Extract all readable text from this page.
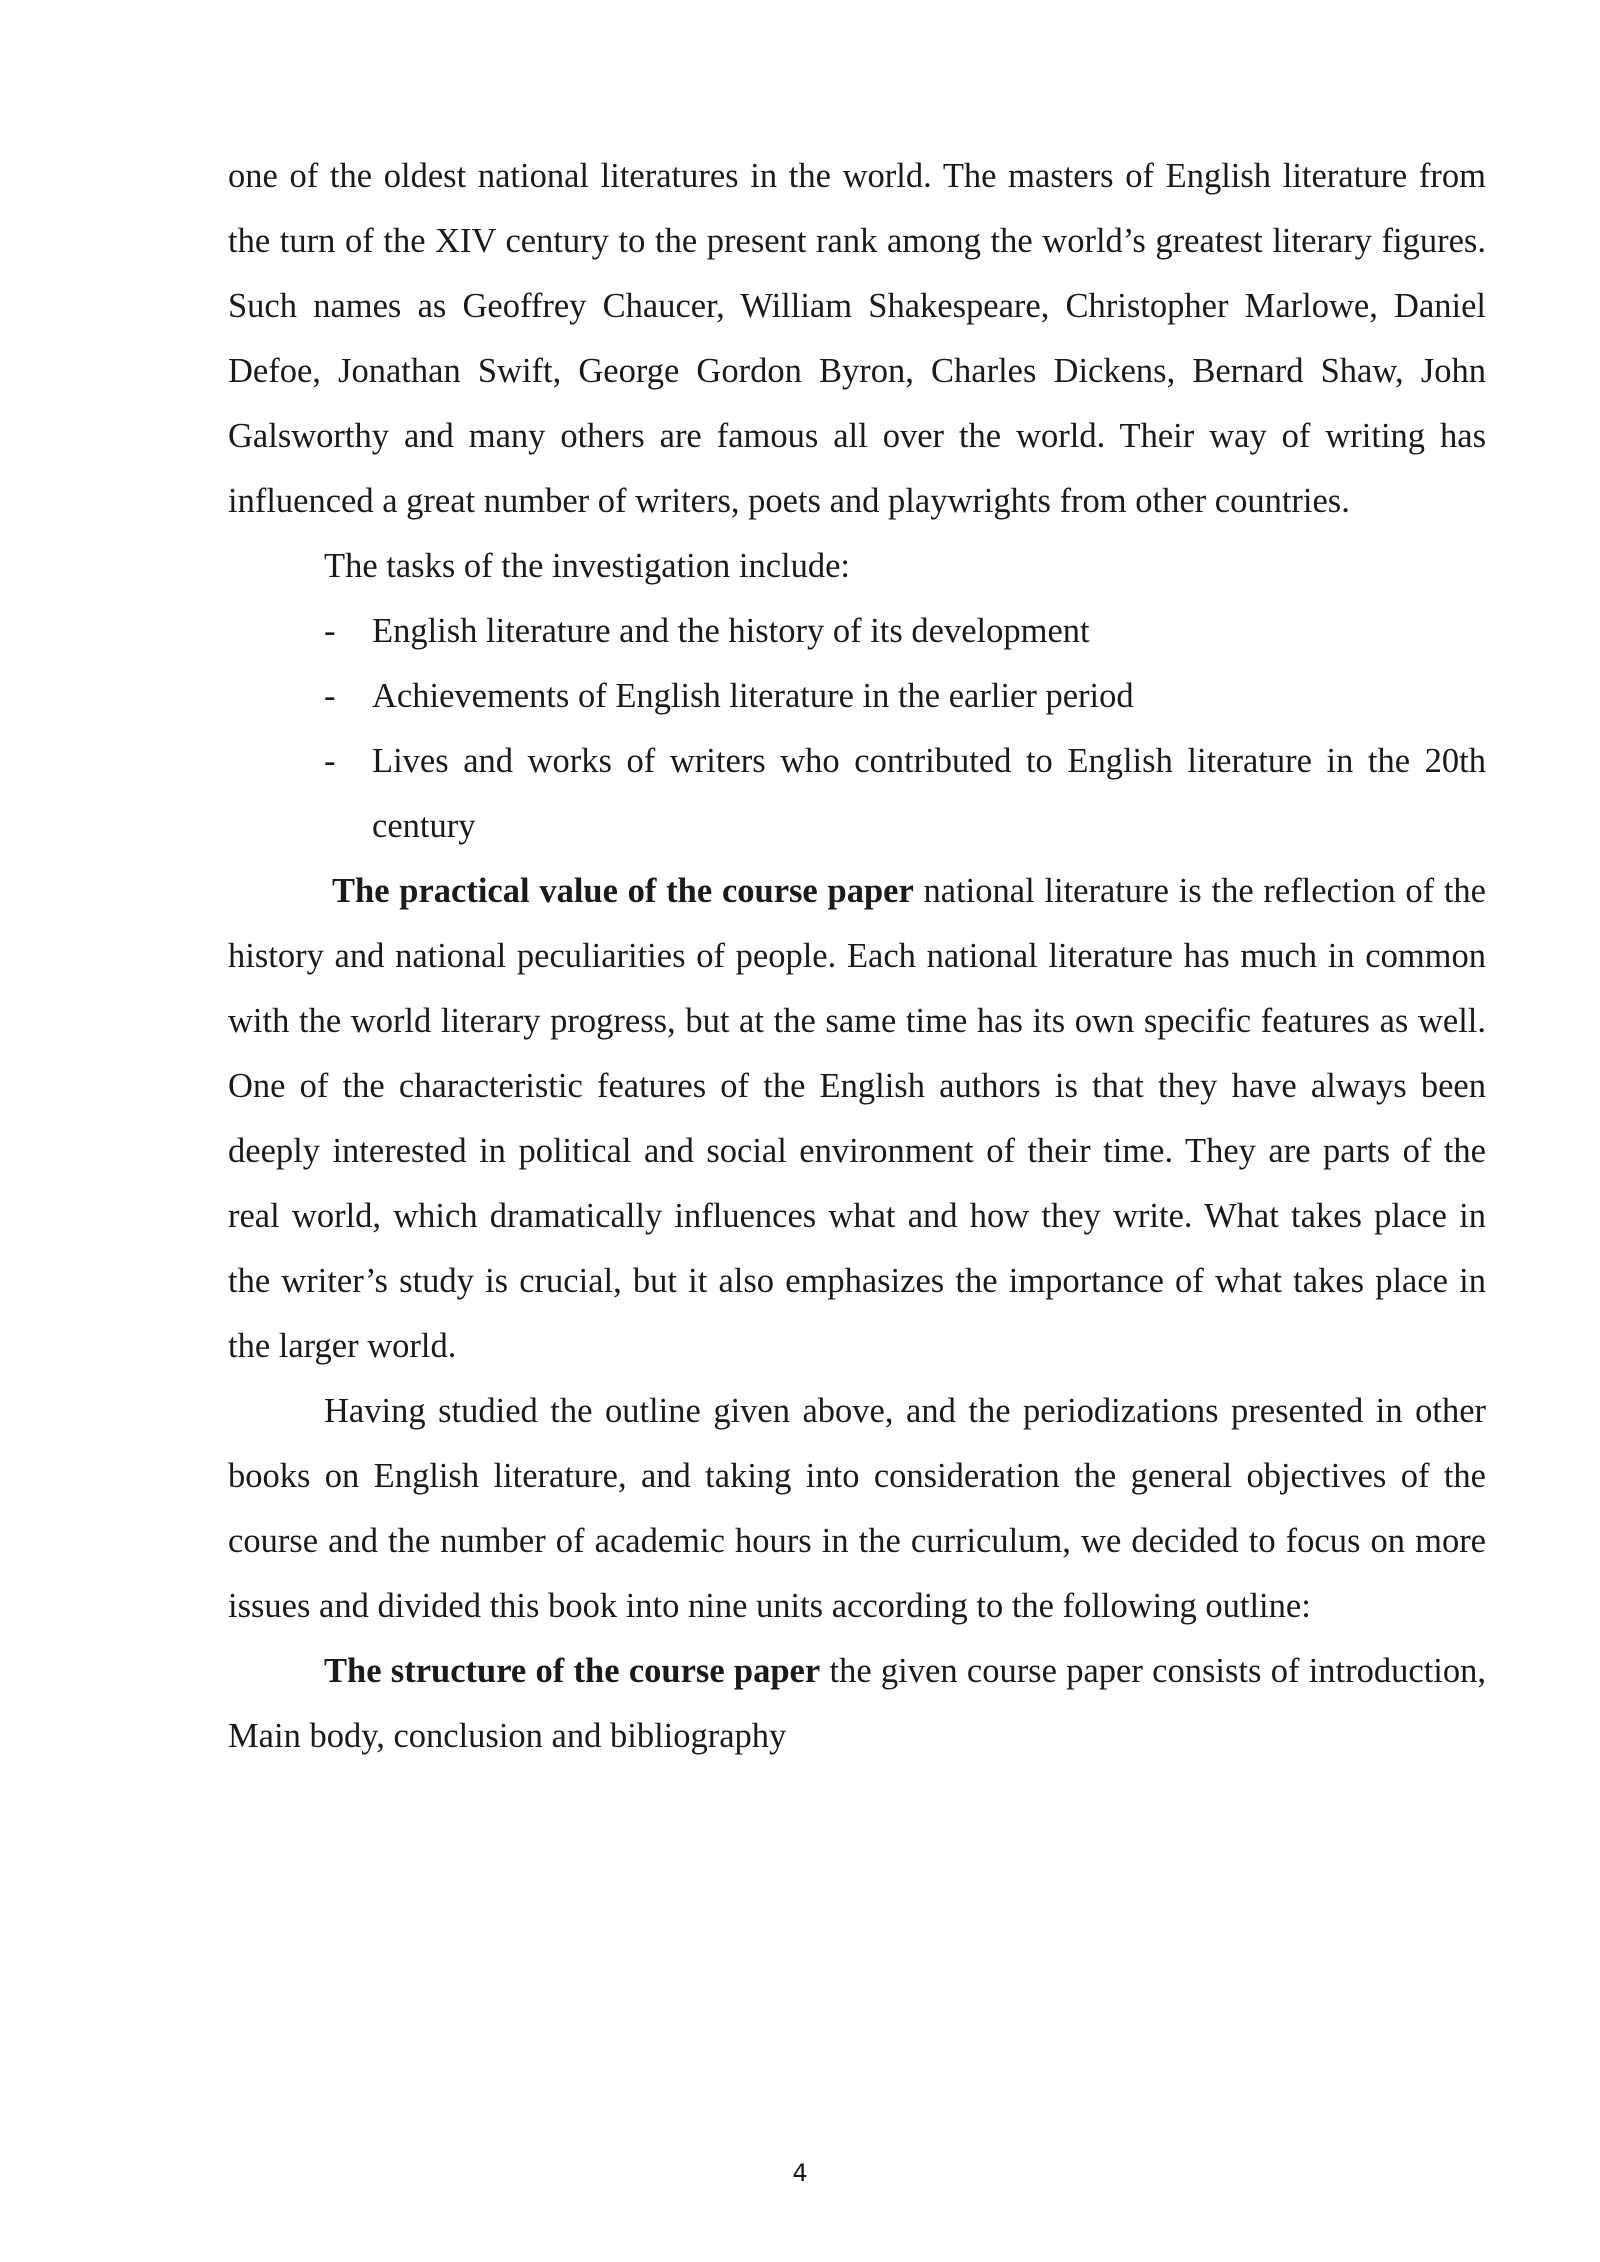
one of the oldest national literatures in the world. The masters of English literature from the turn of the XIV century to the present rank among the world’s greatest literary figures. Such names as Geoffrey Chaucer, William Shakespeare, Christopher Marlowe, Daniel Defoe, Jonathan Swift, George Gordon Byron, Charles Dickens, Bernard Shaw, John Galsworthy and many others are famous all over the world. Their way of writing has influenced a great number of writers, poets and playwrights from other countries.

The tasks of the investigation include:

- English literature and the history of its development
- Achievements of English literature in the earlier period
- Lives and works of writers who contributed to English literature in the 20th century

The practical value of the course paper national literature is the reflection of the history and national peculiarities of people. Each national literature has much in common with the world literary progress, but at the same time has its own specific features as well. One of the characteristic features of the English authors is that they have always been deeply interested in political and social environment of their time. They are parts of the real world, which dramatically influences what and how they write. What takes place in the writer’s study is crucial, but it also emphasizes the importance of what takes place in the larger world.

Having studied the outline given above, and the periodizations presented in other books on English literature, and taking into consideration the general objectives of the course and the number of academic hours in the curriculum, we decided to focus on more issues and divided this book into nine units according to the following outline:

The structure of the course paper the given course paper consists of introduction, Main body, conclusion and bibliography

4
